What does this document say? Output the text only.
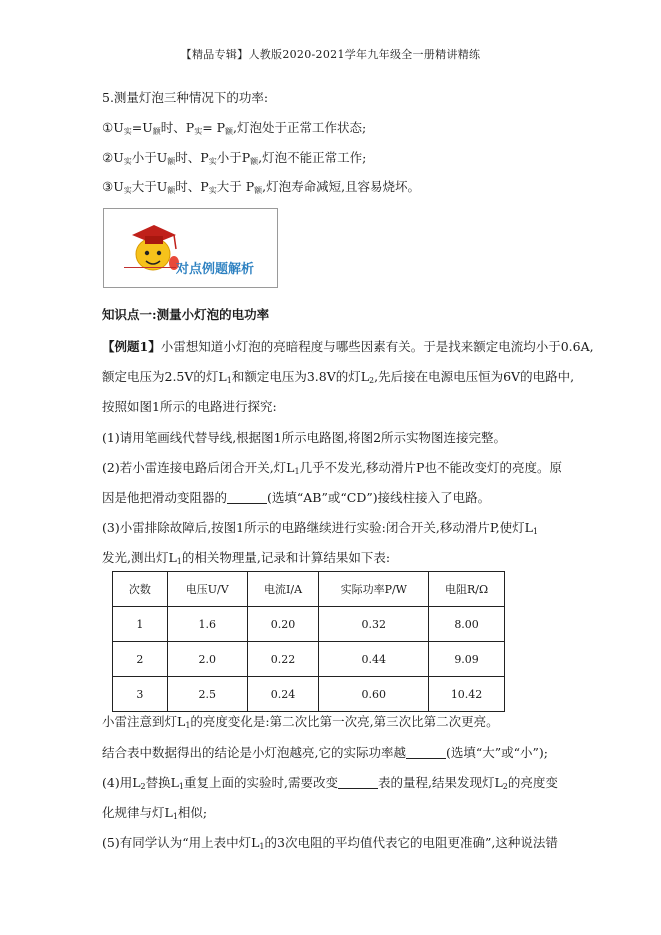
【精品专辑】人教版2020-2021学年九年级全一册精讲精练
5.测量灯泡三种情况下的功率:
$①U_实=U_额$时、$P_实= P_额$,灯泡处于正常工作状态;
$②U_实$小于$U_额$时、$P_实$小于$P_额$,灯泡不能正常工作;
$③U_实$大于$U_额$时、$P_实$大于 $P_额$,灯泡寿命减短,且容易烧坏。
对点例题解析
知识点一:测量小灯泡的电功率
【例题1】小雷想知道小灯泡的亮暗程度与哪些因素有关。于是找来额定电流均小于0.6A,
额定电压为2.5V的灯$L_1$和额定电压为3.8V的灯$L_2$,先后接在电源电压恒为6V的电路中,
按照如图1所示的电路进行探究:
(1)请用笔画线代替导线,根据图1所示电路图,将图2所示实物图连接完整。
(2)若小雷连接电路后闭合开关,灯$L_1$几乎不发光,移动滑片P也不能改变灯的亮度。原
因是他把滑动变阻器的	(选填“AB”或“CD”)接线柱接入了电路。
(3)小雷排除故障后,按图1所示的电路继续进行实验:闭合开关,移动滑片P,使灯$L_1$
发光,测出灯$L_1$的相关物理量,记录和计算结果如下表:
次数	电压U/V	电流I/A	实际功率P/W	电阻R/Ω
1	1.6	0.20	0.32	8.00
2	2.0	0.22	0.44	9.09
3	2.5	0.24	0.60	10.42
小雷注意到灯$L_1$的亮度变化是:第二次比第一次亮,第三次比第二次更亮。
结合表中数据得出的结论是小灯泡越亮,它的实际功率越	(选填“大”或“小”);
(4)用$L_2$替换$L_1$重复上面的实验时,需要改变	表的量程,结果发现灯$L_2$的亮度变
化规律与灯$L_1$相似;
(5)有同学认为“用上表中灯$L_1$的3次电阻的平均值代表它的电阻更准确”,这种说法错
